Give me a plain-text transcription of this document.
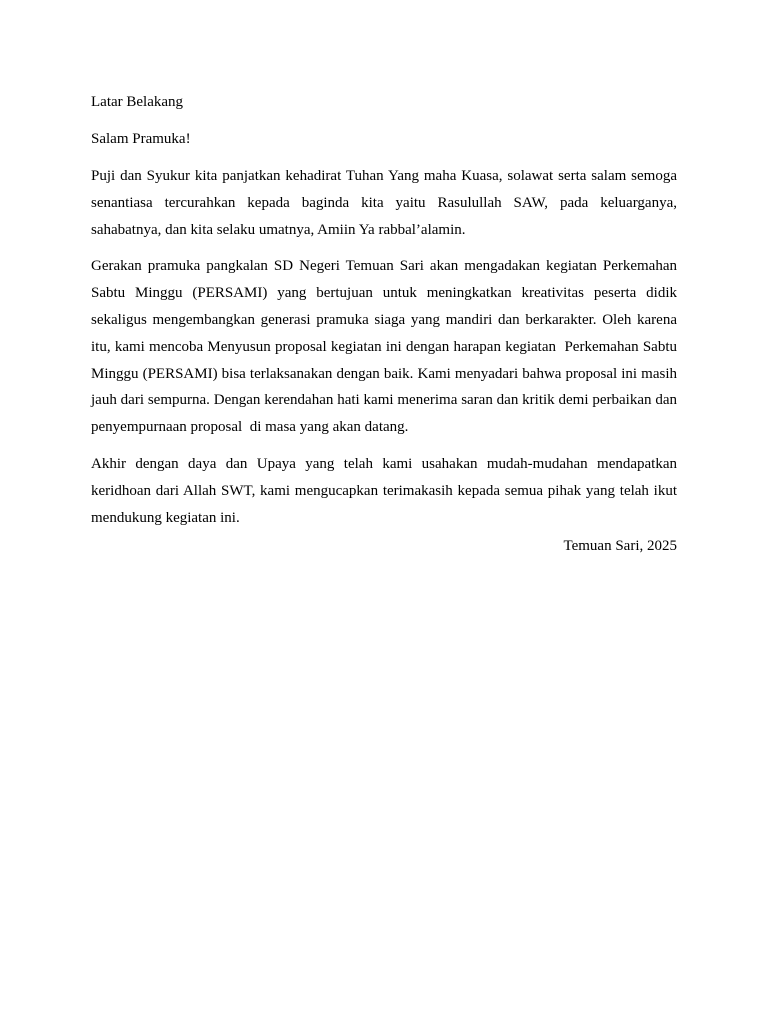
Latar Belakang

Salam Pramuka!

Puji dan Syukur kita panjatkan kehadirat Tuhan Yang maha Kuasa, solawat serta salam semoga senantiasa tercurahkan kepada baginda kita yaitu Rasulullah SAW, pada keluarganya, sahabatnya, dan kita selaku umatnya, Amiin Ya rabbal’alamin.

Gerakan pramuka pangkalan SD Negeri Temuan Sari akan mengadakan kegiatan Perkemahan Sabtu Minggu (PERSAMI) yang bertujuan untuk meningkatkan kreativitas peserta didik sekaligus mengembangkan generasi pramuka siaga yang mandiri dan berkarakter. Oleh karena itu, kami mencoba Menyusun proposal kegiatan ini dengan harapan kegiatan  Perkemahan Sabtu Minggu (PERSAMI) bisa terlaksanakan dengan baik. Kami menyadari bahwa proposal ini masih jauh dari sempurna. Dengan kerendahan hati kami menerima saran dan kritik demi perbaikan dan penyempurnaan proposal  di masa yang akan datang.

Akhir dengan daya dan Upaya yang telah kami usahakan mudah-mudahan mendapatkan keridhoan dari Allah SWT, kami mengucapkan terimakasih kepada semua pihak yang telah ikut mendukung kegiatan ini.

Temuan Sari, 2025
